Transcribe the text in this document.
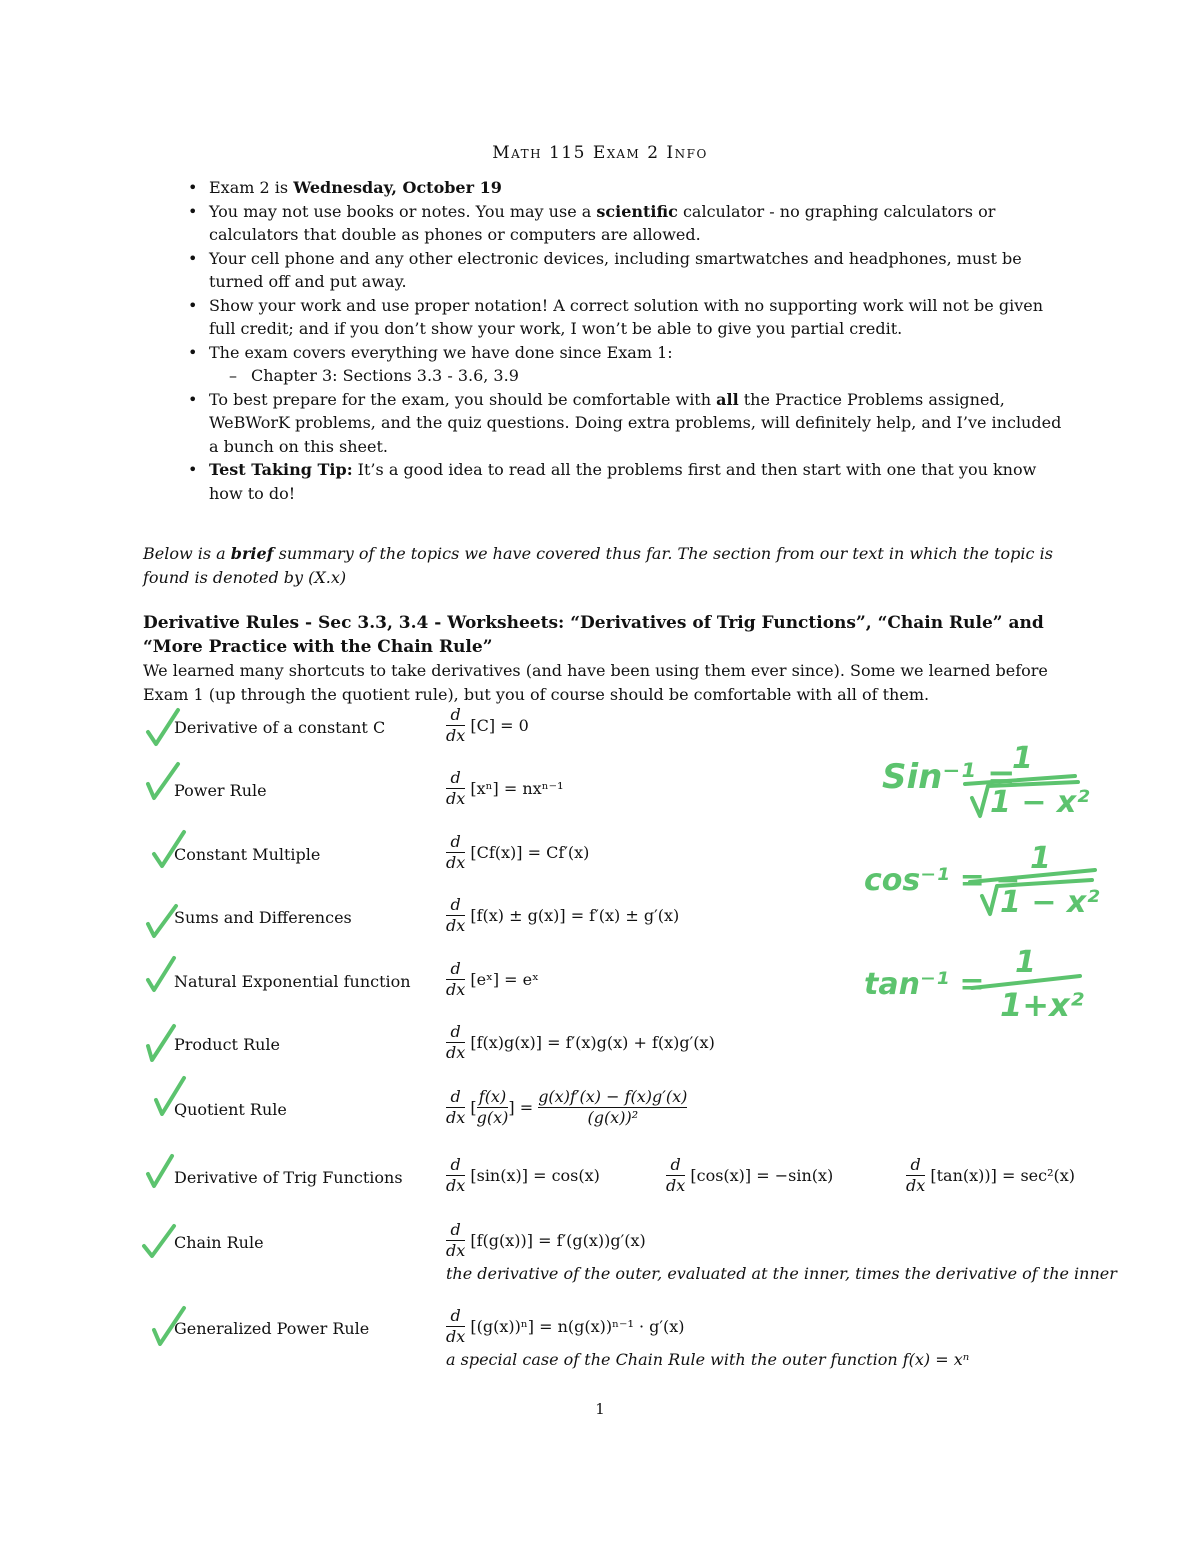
Math 115 Exam 2 Info
• Exam 2 is Wednesday, October 19
• You may not use books or notes. You may use a scientific calculator - no graphing calculators or calculators that double as phones or computers are allowed.
• Your cell phone and any other electronic devices, including smartwatches and headphones, must be turned off and put away.
• Show your work and use proper notation! A correct solution with no supporting work will not be given full credit; and if you don’t show your work, I won’t be able to give you partial credit.
• The exam covers everything we have done since Exam 1:
– Chapter 3: Sections 3.3 - 3.6, 3.9
• To best prepare for the exam, you should be comfortable with all the Practice Problems assigned, WeBWorK problems, and the quiz questions. Doing extra problems, will definitely help, and I’ve included a bunch on this sheet.
• Test Taking Tip: It’s a good idea to read all the problems first and then start with one that you know how to do!
Below is a brief summary of the topics we have covered thus far. The section from our text in which the topic is found is denoted by (X.x)
Derivative Rules - Sec 3.3, 3.4 - Worksheets: “Derivatives of Trig Functions”, “Chain Rule” and “More Practice with the Chain Rule”
We learned many shortcuts to take derivatives (and have been using them ever since). Some we learned before Exam 1 (up through the quotient rule), but you of course should be comfortable with all of them.
Derivative of a constant C
Power Rule
Constant Multiple
Sums and Differences
Natural Exponential function
Product Rule
Quotient Rule
Derivative of Trig Functions
Chain Rule
Generalized Power Rule
$\frac{d}{dx} [C] = 0$
$\frac{d}{dx} [x^n] = nx^{n-1}$
$\frac{d}{dx} [Cf(x)] = Cf'(x)$
$\frac{d}{dx} [f(x) \pm g(x)] = f'(x) \pm g'(x)$
$\frac{d}{dx}$ [eˣ] = eˣ
$\frac{d}{dx} [f(x)g(x)] = f'(x)g(x) + f(x)g'(x)$
$\frac{d}{dx}$ [ $\frac{f(x)}{g(x)}$ ] = $\frac{g(x)f'(x) - f(x)g'(x)}{\text{(g(x))²}}$
$\frac{d}{dx} [\sin(x)] = \cos(x)$	$\frac{d}{dx} [\cos(x)] = -\sin(x)$	$\frac{d}{dx} [\tan(x))] = \sec^2(x)$
$\frac{d}{dx} [f(g(x))] = f'(g(x))g'(x)$
the derivative of the outer, evaluated at the inner, times the derivative of the inner
$\frac{d}{dx} [(g(x))^n] = n(g(x))^{n-1} \cdot g'(x)$
a special case of the Chain Rule with the outer function f(x) = xⁿ
Sin⁻¹ =
1
1 − x²
cos⁻¹ = −
1
1 − x²
tan⁻¹ =
1
1+x²
1
